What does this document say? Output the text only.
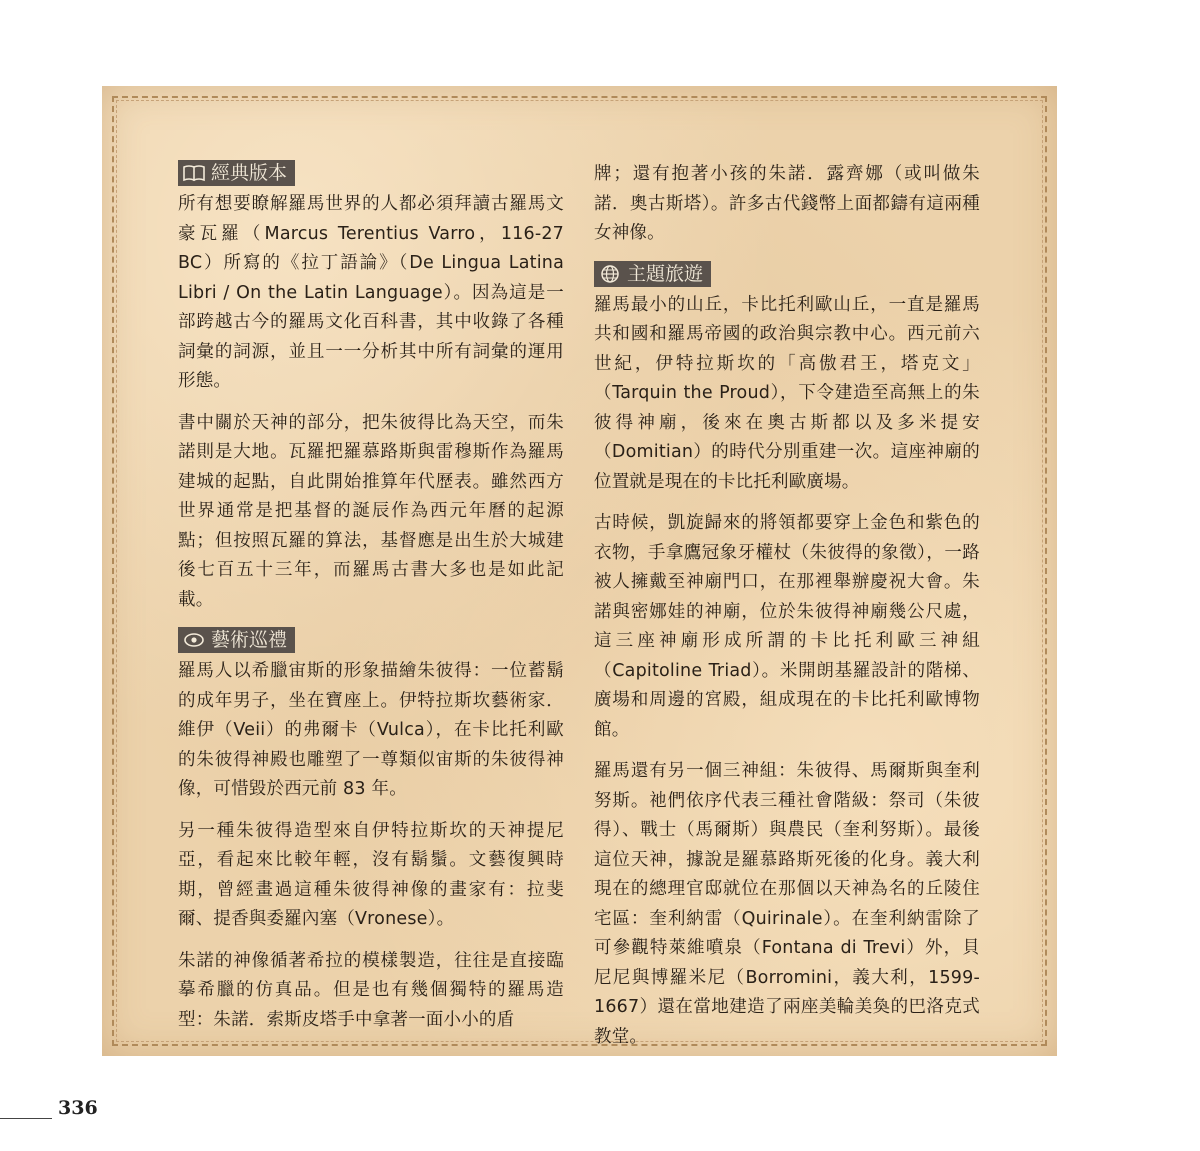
經典版本

所有想要瞭解羅馬世界的人都必須拜讀古羅馬文豪瓦羅（Marcus Terentius Varro，116-27 BC）所寫的《拉丁語論》（De Lingua Latina Libri / On the Latin Language）。因為這是一部跨越古今的羅馬文化百科書，其中收錄了各種詞彙的詞源，並且一一分析其中所有詞彙的運用形態。

書中關於天神的部分，把朱彼得比為天空，而朱諾則是大地。瓦羅把羅慕路斯與雷穆斯作為羅馬建城的起點，自此開始推算年代歷表。雖然西方世界通常是把基督的誕辰作為西元年曆的起源點；但按照瓦羅的算法，基督應是出生於大城建後七百五十三年，而羅馬古書大多也是如此記載。

藝術巡禮

羅馬人以希臘宙斯的形象描繪朱彼得：一位蓄鬍的成年男子，坐在寶座上。伊特拉斯坎藝術家．維伊（Veii）的弗爾卡（Vulca），在卡比托利歐的朱彼得神殿也雕塑了一尊類似宙斯的朱彼得神像，可惜毀於西元前 83 年。

另一種朱彼得造型來自伊特拉斯坎的天神提尼亞，看起來比較年輕，沒有鬍鬚。文藝復興時期，曾經畫過這種朱彼得神像的畫家有：拉斐爾、提香與委羅內塞（Vronese）。

朱諾的神像循著希拉的模樣製造，往往是直接臨摹希臘的仿真品。但是也有幾個獨特的羅馬造型：朱諾．索斯皮塔手中拿著一面小小的盾

牌；還有抱著小孩的朱諾．露齊娜（或叫做朱諾．奧古斯塔）。許多古代錢幣上面都鑄有這兩種女神像。

主題旅遊

羅馬最小的山丘，卡比托利歐山丘，一直是羅馬共和國和羅馬帝國的政治與宗教中心。西元前六世紀，伊特拉斯坎的「高傲君王，塔克文」（Tarquin the Proud），下令建造至高無上的朱彼得神廟，後來在奧古斯都以及多米提安（Domitian）的時代分別重建一次。這座神廟的位置就是現在的卡比托利歐廣場。

古時候，凱旋歸來的將領都要穿上金色和紫色的衣物，手拿鷹冠象牙權杖（朱彼得的象徵），一路被人擁戴至神廟門口，在那裡舉辦慶祝大會。朱諾與密娜娃的神廟，位於朱彼得神廟幾公尺處，這三座神廟形成所謂的卡比托利歐三神組（Capitoline Triad）。米開朗基羅設計的階梯、廣場和周邊的宮殿，組成現在的卡比托利歐博物館。

羅馬還有另一個三神組：朱彼得、馬爾斯與奎利努斯。祂們依序代表三種社會階級：祭司（朱彼得）、戰士（馬爾斯）與農民（奎利努斯）。最後這位天神，據說是羅慕路斯死後的化身。義大利現在的總理官邸就位在那個以天神為名的丘陵住宅區：奎利納雷（Quirinale）。在奎利納雷除了可參觀特萊維噴泉（Fontana di Trevi）外，貝尼尼與博羅米尼（Borromini，義大利，1599-1667）還在當地建造了兩座美輪美奐的巴洛克式教堂。

336
